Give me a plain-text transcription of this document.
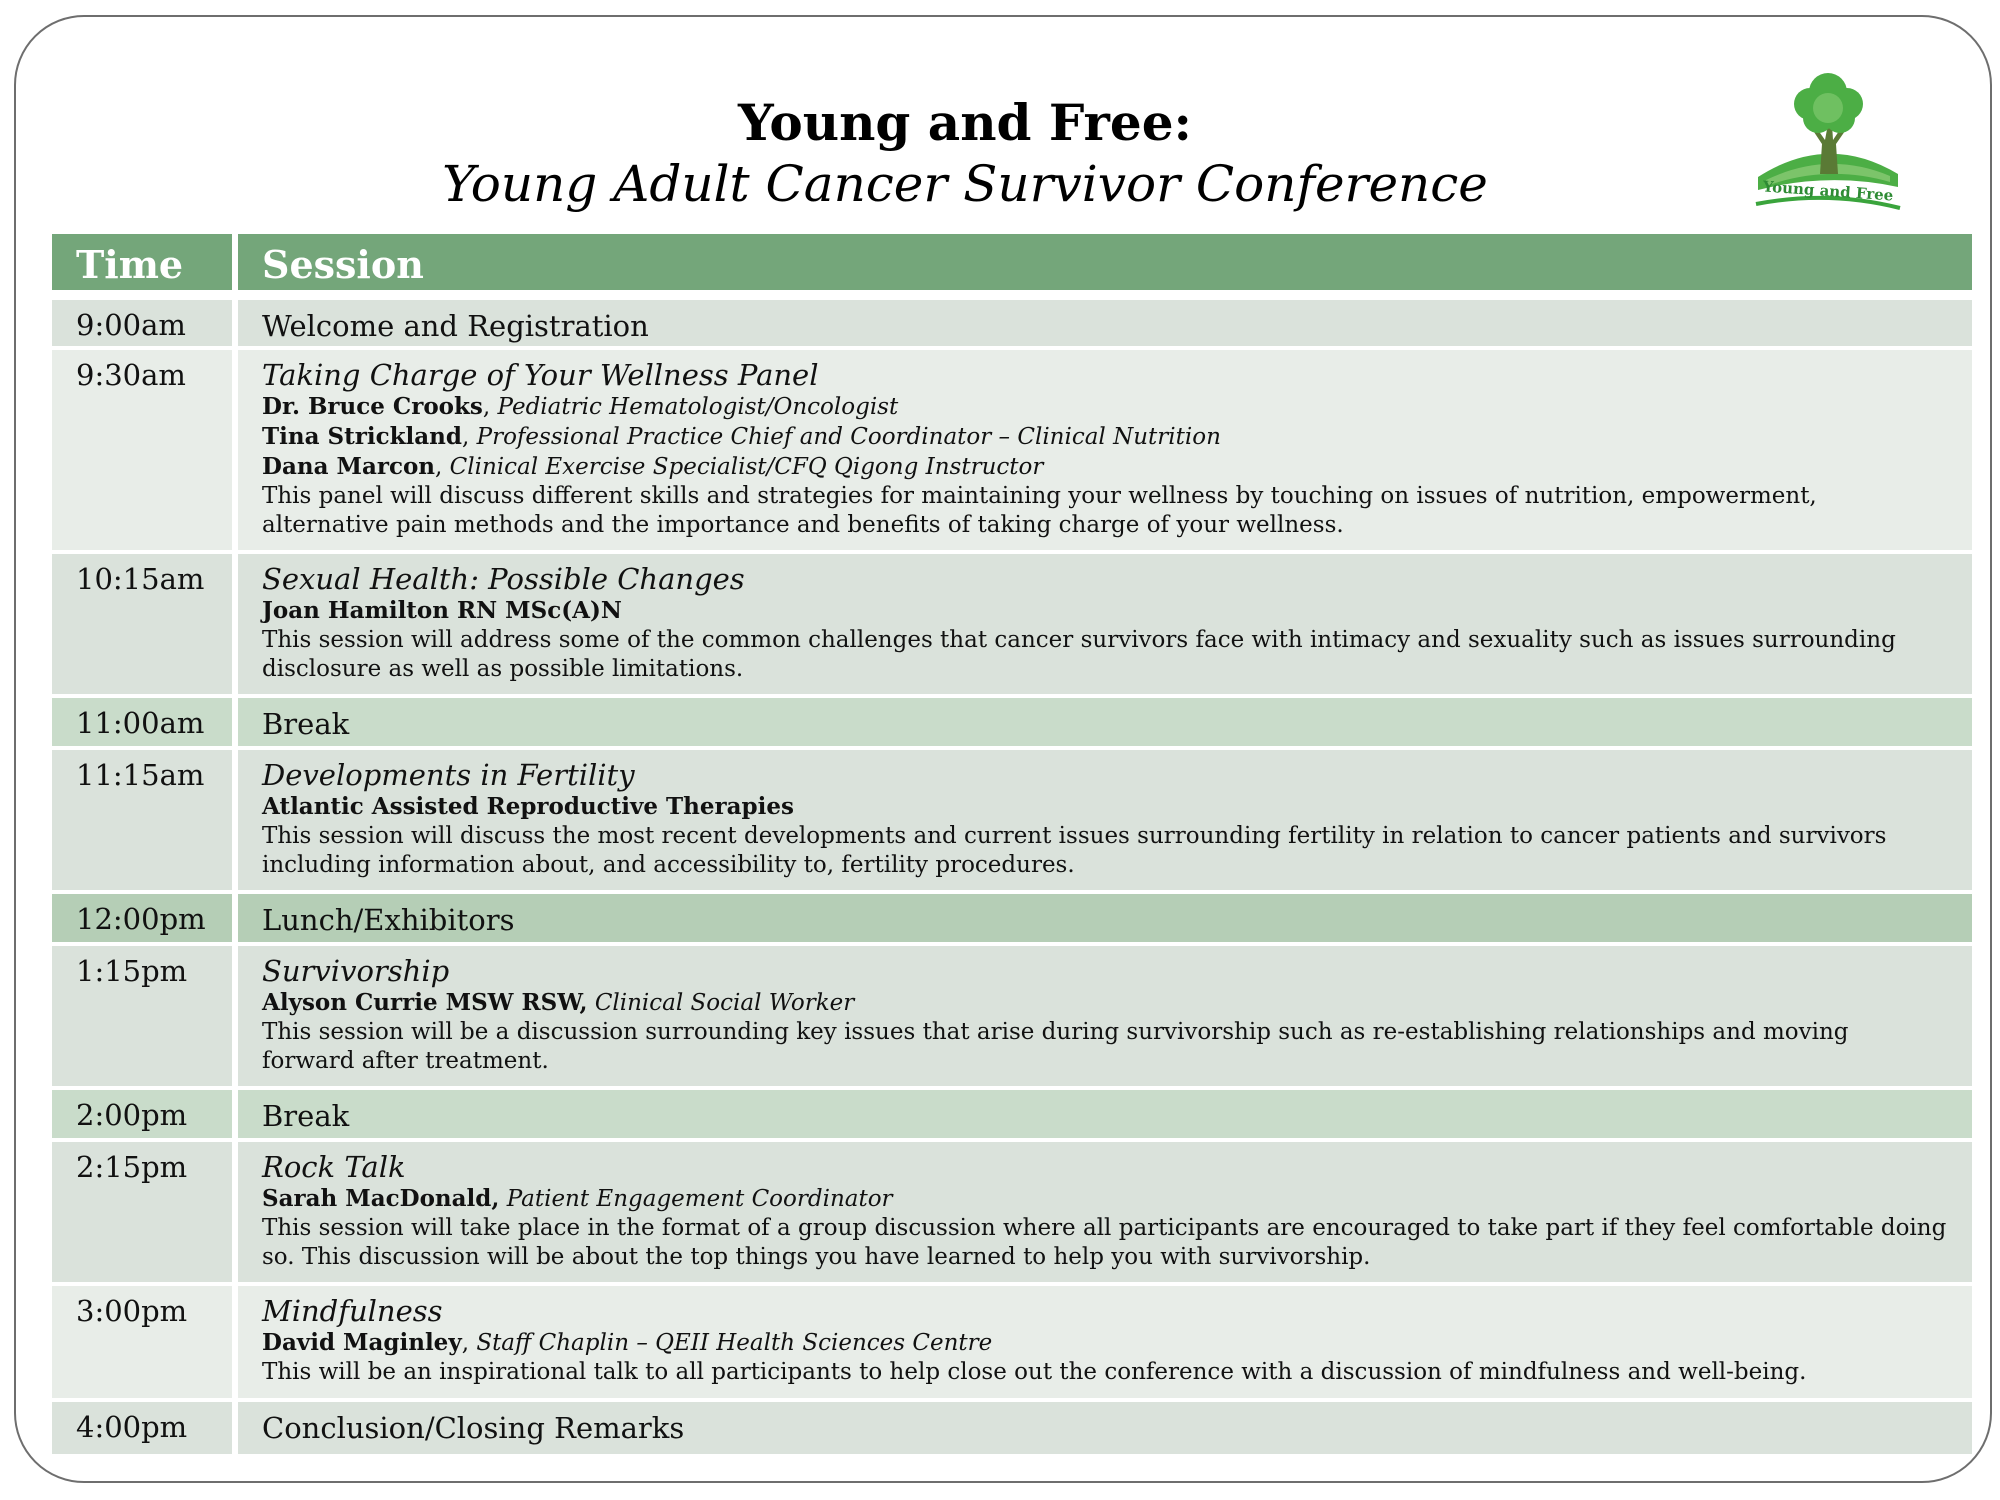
Young and Free:
Young Adult Cancer Survivor Conference	Young and Free
Time	Session
9:00am	Welcome and Registration
9:30am	Taking Charge of Your Wellness Panel
Dr. Bruce Crooks, Pediatric Hematologist/Oncologist
Tina Strickland, Professional Practice Chief and Coordinator – Clinical Nutrition
Dana Marcon, Clinical Exercise Specialist/CFQ Qigong Instructor
This panel will discuss different skills and strategies for maintaining your wellness by touching on issues of nutrition, empowerment, alternative pain methods and the importance and benefits of taking charge of your wellness.
10:15am	Sexual Health: Possible Changes
Joan Hamilton RN MSc(A)N
This session will address some of the common challenges that cancer survivors face with intimacy and sexuality such as issues surrounding disclosure as well as possible limitations.
11:00am	Break
11:15am	Developments in Fertility
Atlantic Assisted Reproductive Therapies
This session will discuss the most recent developments and current issues surrounding fertility in relation to cancer patients and survivors including information about, and accessibility to, fertility procedures.
12:00pm	Lunch/Exhibitors
1:15pm	Survivorship
Alyson Currie MSW RSW, Clinical Social Worker
This session will be a discussion surrounding key issues that arise during survivorship such as re-establishing relationships and moving forward after treatment.
2:00pm	Break
2:15pm	Rock Talk
Sarah MacDonald, Patient Engagement Coordinator
This session will take place in the format of a group discussion where all participants are encouraged to take part if they feel comfortable doing so. This discussion will be about the top things you have learned to help you with survivorship.
3:00pm	Mindfulness
David Maginley, Staff Chaplin – QEII Health Sciences Centre
This will be an inspirational talk to all participants to help close out the conference with a discussion of mindfulness and well-being.
4:00pm	Conclusion/Closing Remarks
